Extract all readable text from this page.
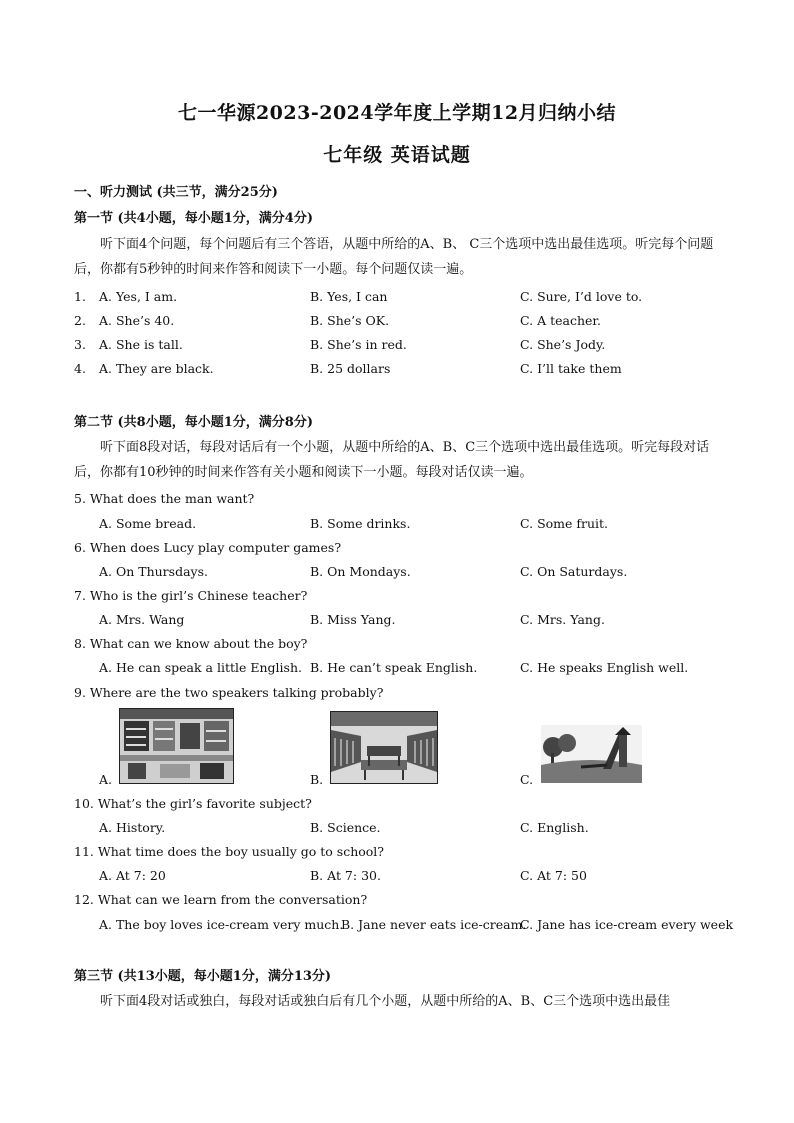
七一华源2023-2024学年度上学期12月归纳小结
七年级 英语试题
一、听力测试 (共三节，满分25分)
第一节 (共4小题，每小题1分，满分4分)
听下面4个问题，每个问题后有三个答语，从题中所给的A、B、 C三个选项中选出最佳选项。听完每个问题后，你都有5秒钟的时间来作答和阅读下一小题。每个问题仅读一遍。
1. A. Yes, I am.	B. Yes, I can	C. Sure, I’d love to.
2. A. She’s 40.	B. She’s OK.	C. A teacher.
3. A. She is tall.	B. She’s in red.	C. She’s Jody.
4. A. They are black.	B. 25 dollars	C. I’ll take them
第二节 (共8小题，每小题1分，满分8分)
听下面8段对话，每段对话后有一个小题，从题中所给的A、B、C三个选项中选出最佳选项。听完每段对话后，你都有10秒钟的时间来作答有关小题和阅读下一小题。每段对话仅读一遍。
5. What does the man want?
A. Some bread.	B. Some drinks.	C. Some fruit.
6. When does Lucy play computer games?
A. On Thursdays.	B. On Mondays.	C. On Saturdays.
7. Who is the girl’s Chinese teacher?
A. Mrs. Wang	B. Miss Yang.	C. Mrs. Yang.
8. What can we know about the boy?
A. He can speak a little English. B. He can’t speak English.	C. He speaks English well.
9. Where are the two speakers talking probably?
A.	B.	C.
10. What’s the girl’s favorite subject?
A. History.	B. Science.	C. English.
11. What time does the boy usually go to school?
A. At 7: 20	B. At 7: 30.	C. At 7: 50
12. What can we learn from the conversation?
A. The boy loves ice-cream very much.
B. Jane never eats ice-cream.
C. Jane has ice-cream every week
第三节 (共13小题，每小题1分，满分13分)
听下面4段对话或独白，每段对话或独白后有几个小题，从题中所给的A、B、C三个选项中选出最佳
